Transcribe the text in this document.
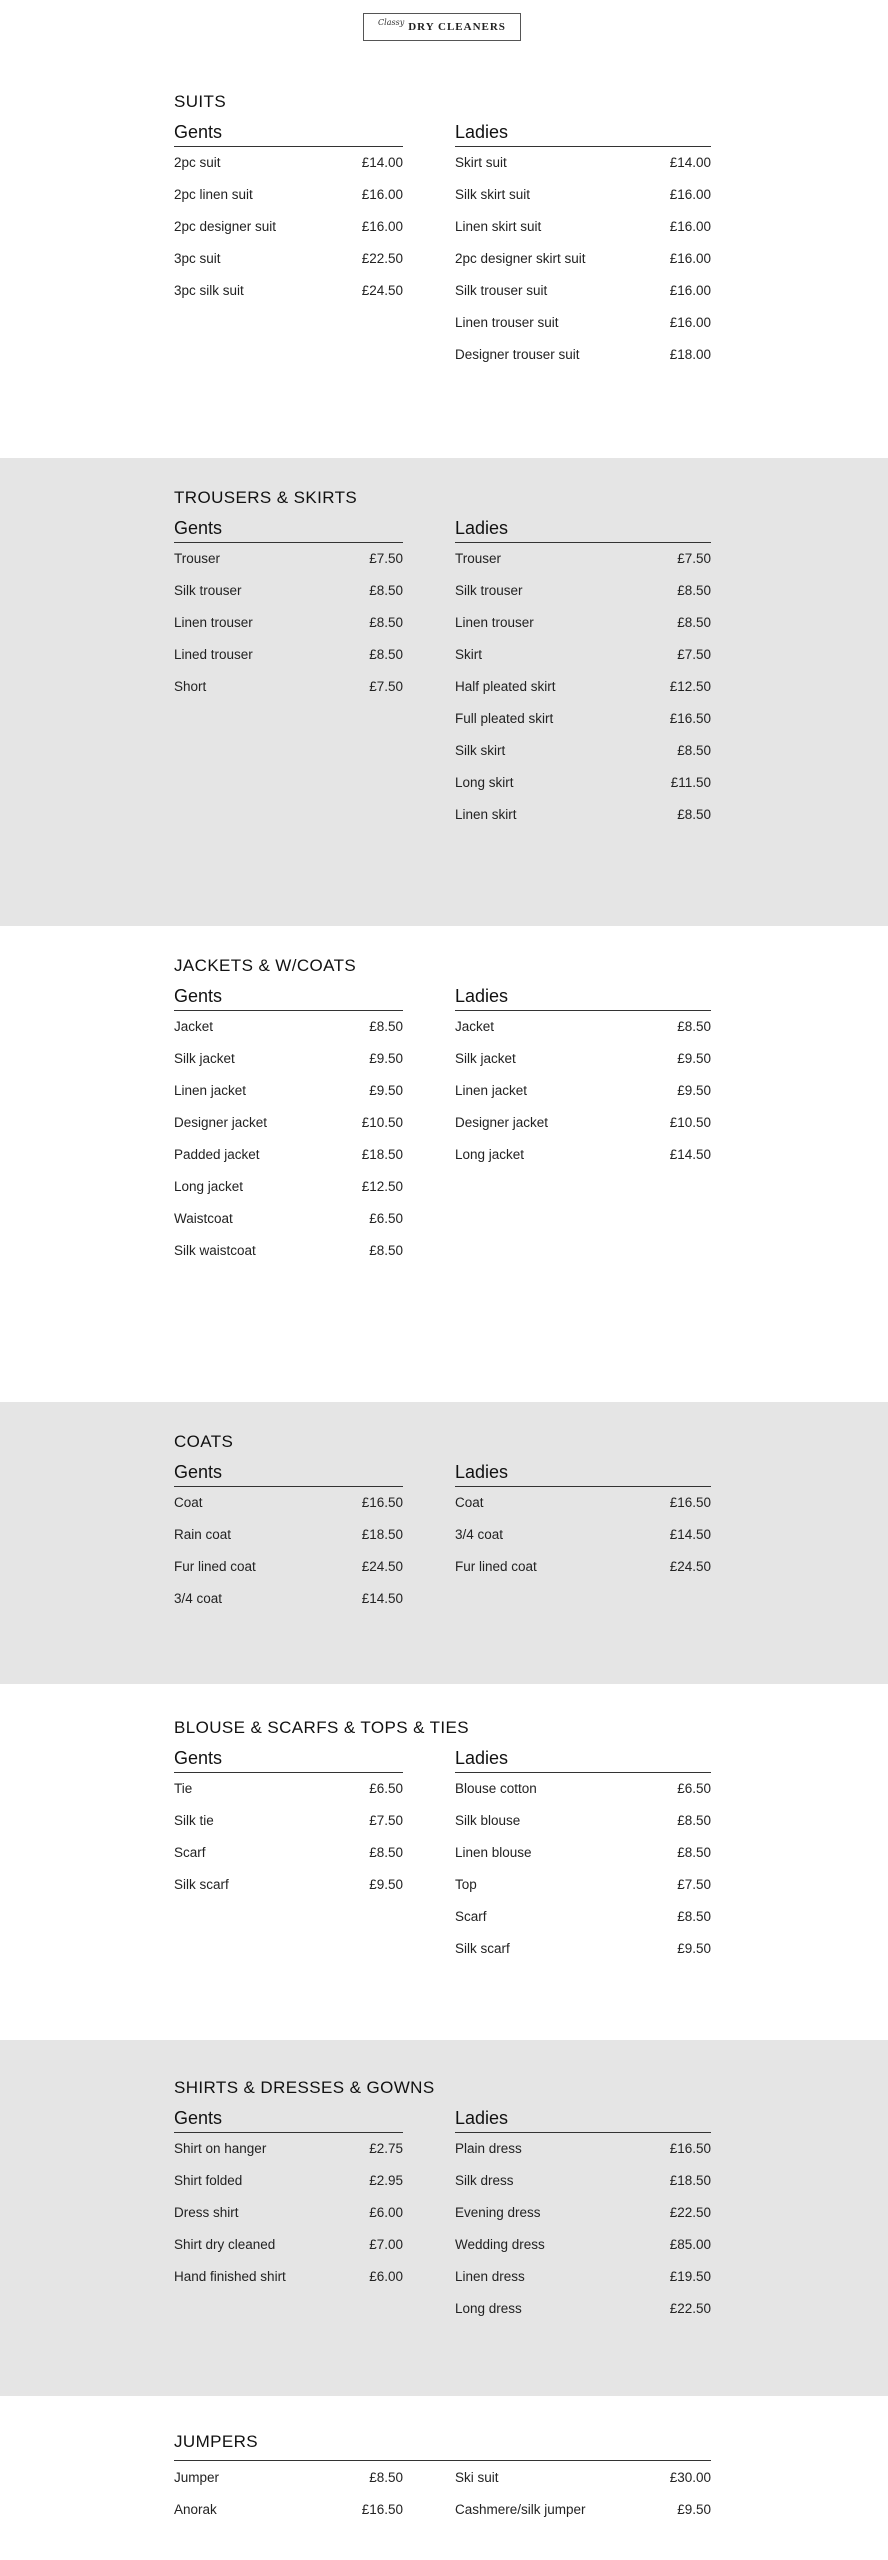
Classy DRY CLEANERS
SUITS
Gents
2pc suit	£14.00
2pc linen suit	£16.00
2pc designer suit	£16.00
3pc suit	£22.50
3pc silk suit	£24.50
Ladies
Skirt suit	£14.00
Silk skirt suit	£16.00
Linen skirt suit	£16.00
2pc designer skirt suit	£16.00
Silk trouser suit	£16.00
Linen trouser suit	£16.00
Designer trouser suit	£18.00
TROUSERS & SKIRTS
Gents
Trouser	£7.50
Silk trouser	£8.50
Linen trouser	£8.50
Lined trouser	£8.50
Short	£7.50
Ladies
Trouser	£7.50
Silk trouser	£8.50
Linen trouser	£8.50
Skirt	£7.50
Half pleated skirt	£12.50
Full pleated skirt	£16.50
Silk skirt	£8.50
Long skirt	£11.50
Linen skirt	£8.50
JACKETS & W/COATS
Gents
Jacket	£8.50
Silk jacket	£9.50
Linen jacket	£9.50
Designer jacket	£10.50
Padded jacket	£18.50
Long jacket	£12.50
Waistcoat	£6.50
Silk waistcoat	£8.50
Ladies
Jacket	£8.50
Silk jacket	£9.50
Linen jacket	£9.50
Designer jacket	£10.50
Long jacket	£14.50
COATS
Gents
Coat	£16.50
Rain coat	£18.50
Fur lined coat	£24.50
3/4 coat	£14.50
Ladies
Coat	£16.50
3/4 coat	£14.50
Fur lined coat	£24.50
BLOUSE & SCARFS & TOPS & TIES
Gents
Tie	£6.50
Silk tie	£7.50
Scarf	£8.50
Silk scarf	£9.50
Ladies
Blouse cotton	£6.50
Silk blouse	£8.50
Linen blouse	£8.50
Top	£7.50
Scarf	£8.50
Silk scarf	£9.50
SHIRTS & DRESSES & GOWNS
Gents
Shirt on hanger	£2.75
Shirt folded	£2.95
Dress shirt	£6.00
Shirt dry cleaned	£7.00
Hand finished shirt	£6.00
Ladies
Plain dress	£16.50
Silk dress	£18.50
Evening dress	£22.50
Wedding dress	£85.00
Linen dress	£19.50
Long dress	£22.50
JUMPERS
Jumper	£8.50
Anorak	£16.50
Ski suit	£30.00
Cashmere/silk jumper	£9.50
